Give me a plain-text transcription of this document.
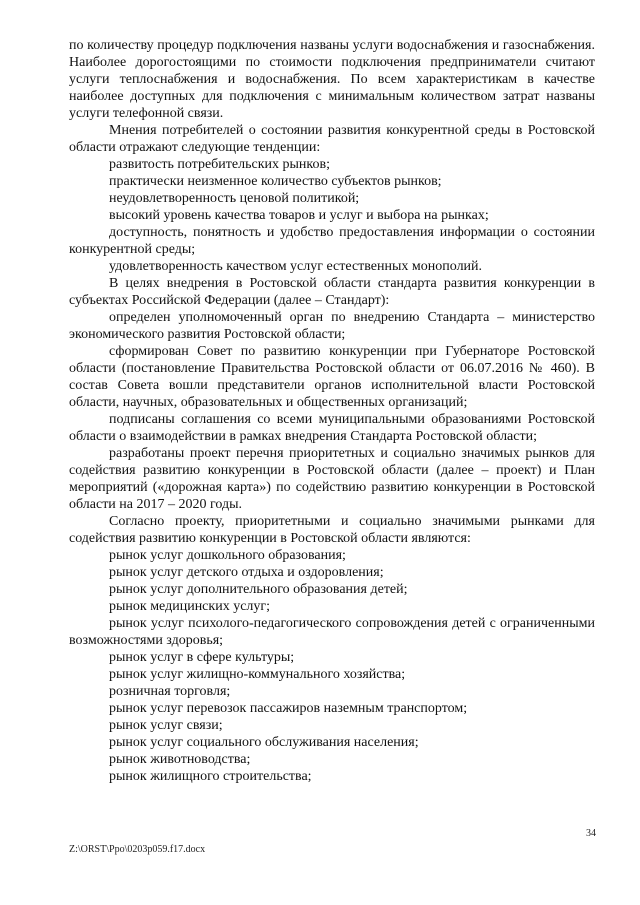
по количеству процедур подключения названы услуги водоснабжения и газоснабжения. Наиболее дорогостоящими по стоимости подключения предприниматели считают услуги теплоснабжения и водоснабжения. По всем характеристикам в качестве наиболее доступных для подключения с минимальным количеством затрат названы услуги телефонной связи.

Мнения потребителей о состоянии развития конкурентной среды в Ростовской области отражают следующие тенденции:

развитость потребительских рынков;

практически неизменное количество субъектов рынков;

неудовлетворенность ценовой политикой;

высокий уровень качества товаров и услуг и выбора на рынках;

доступность, понятность и удобство предоставления информации о состоянии конкурентной среды;

удовлетворенность качеством услуг естественных монополий.

В целях внедрения в Ростовской области стандарта развития конкуренции в субъектах Российской Федерации (далее – Стандарт):

определен уполномоченный орган по внедрению Стандарта – министерство экономического развития Ростовской области;

сформирован Совет по развитию конкуренции при Губернаторе Ростовской области (постановление Правительства Ростовской области от 06.07.2016 № 460). В состав Совета вошли представители органов исполнительной власти Ростовской области, научных, образовательных и общественных организаций;

подписаны соглашения со всеми муниципальными образованиями Ростовской области о взаимодействии в рамках внедрения Стандарта Ростовской области;

разработаны проект перечня приоритетных и социально значимых рынков для содействия развитию конкуренции в Ростовской области (далее – проект) и План мероприятий («дорожная карта») по содействию развитию конкуренции в Ростовской области на 2017 – 2020 годы.

Согласно проекту, приоритетными и социально значимыми рынками для содействия развитию конкуренции в Ростовской области являются:

рынок услуг дошкольного образования;

рынок услуг детского отдыха и оздоровления;

рынок услуг дополнительного образования детей;

рынок медицинских услуг;

рынок услуг психолого-педагогического сопровождения детей с ограниченными возможностями здоровья;

рынок услуг в сфере культуры;

рынок услуг жилищно-коммунального хозяйства;

розничная торговля;

рынок услуг перевозок пассажиров наземным транспортом;

рынок услуг связи;

рынок услуг социального обслуживания населения;

рынок животноводства;

рынок жилищного строительства;

34
Z:\ORST\Ppo\0203p059.f17.docx
